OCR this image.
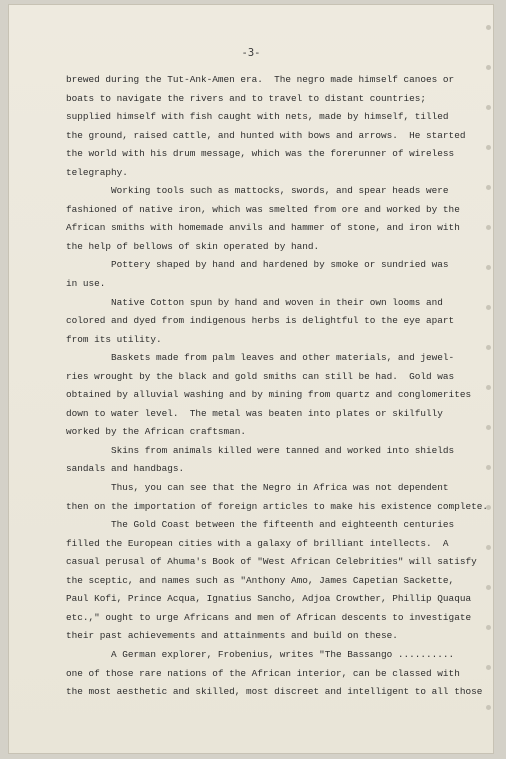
-3-
brewed during the Tut-Ank-Amen era.  The negro made himself canoes or
boats to navigate the rivers and to travel to distant countries;
supplied himself with fish caught with nets, made by himself, tilled
the ground, raised cattle, and hunted with bows and arrows.  He started
the world with his drum message, which was the forerunner of wireless
telegraphy.
Working tools such as mattocks, swords, and spear heads were
fashioned of native iron, which was smelted from ore and worked by the
African smiths with homemade anvils and hammer of stone, and iron with
the help of bellows of skin operated by hand.
Pottery shaped by hand and hardened by smoke or sundried was
in use.
Native Cotton spun by hand and woven in their own looms and
colored and dyed from indigenous herbs is delightful to the eye apart
from its utility.
Baskets made from palm leaves and other materials, and jewel-
ries wrought by the black and gold smiths can still be had.  Gold was
obtained by alluvial washing and by mining from quartz and conglomerites
down to water level.  The metal was beaten into plates or skilfully
worked by the African craftsman.
Skins from animals killed were tanned and worked into shields
sandals and handbags.
Thus, you can see that the Negro in Africa was not dependent
then on the importation of foreign articles to make his existence complete.
The Gold Coast between the fifteenth and eighteenth centuries
filled the European cities with a galaxy of brilliant intellects.  A
casual perusal of Ahuma's Book of "West African Celebrities" will satisfy
the sceptic, and names such as "Anthony Amo, James Capetian Sackette,
Paul Kofi, Prince Acqua, Ignatius Sancho, Adjoa Crowther, Phillip Quaqua
etc.," ought to urge Africans and men of African descents to investigate
their past achievements and attainments and build on these.
A German explorer, Frobenius, writes "The Bassango ..........
one of those rare nations of the African interior, can be classed with
the most aesthetic and skilled, most discreet and intelligent to all those
